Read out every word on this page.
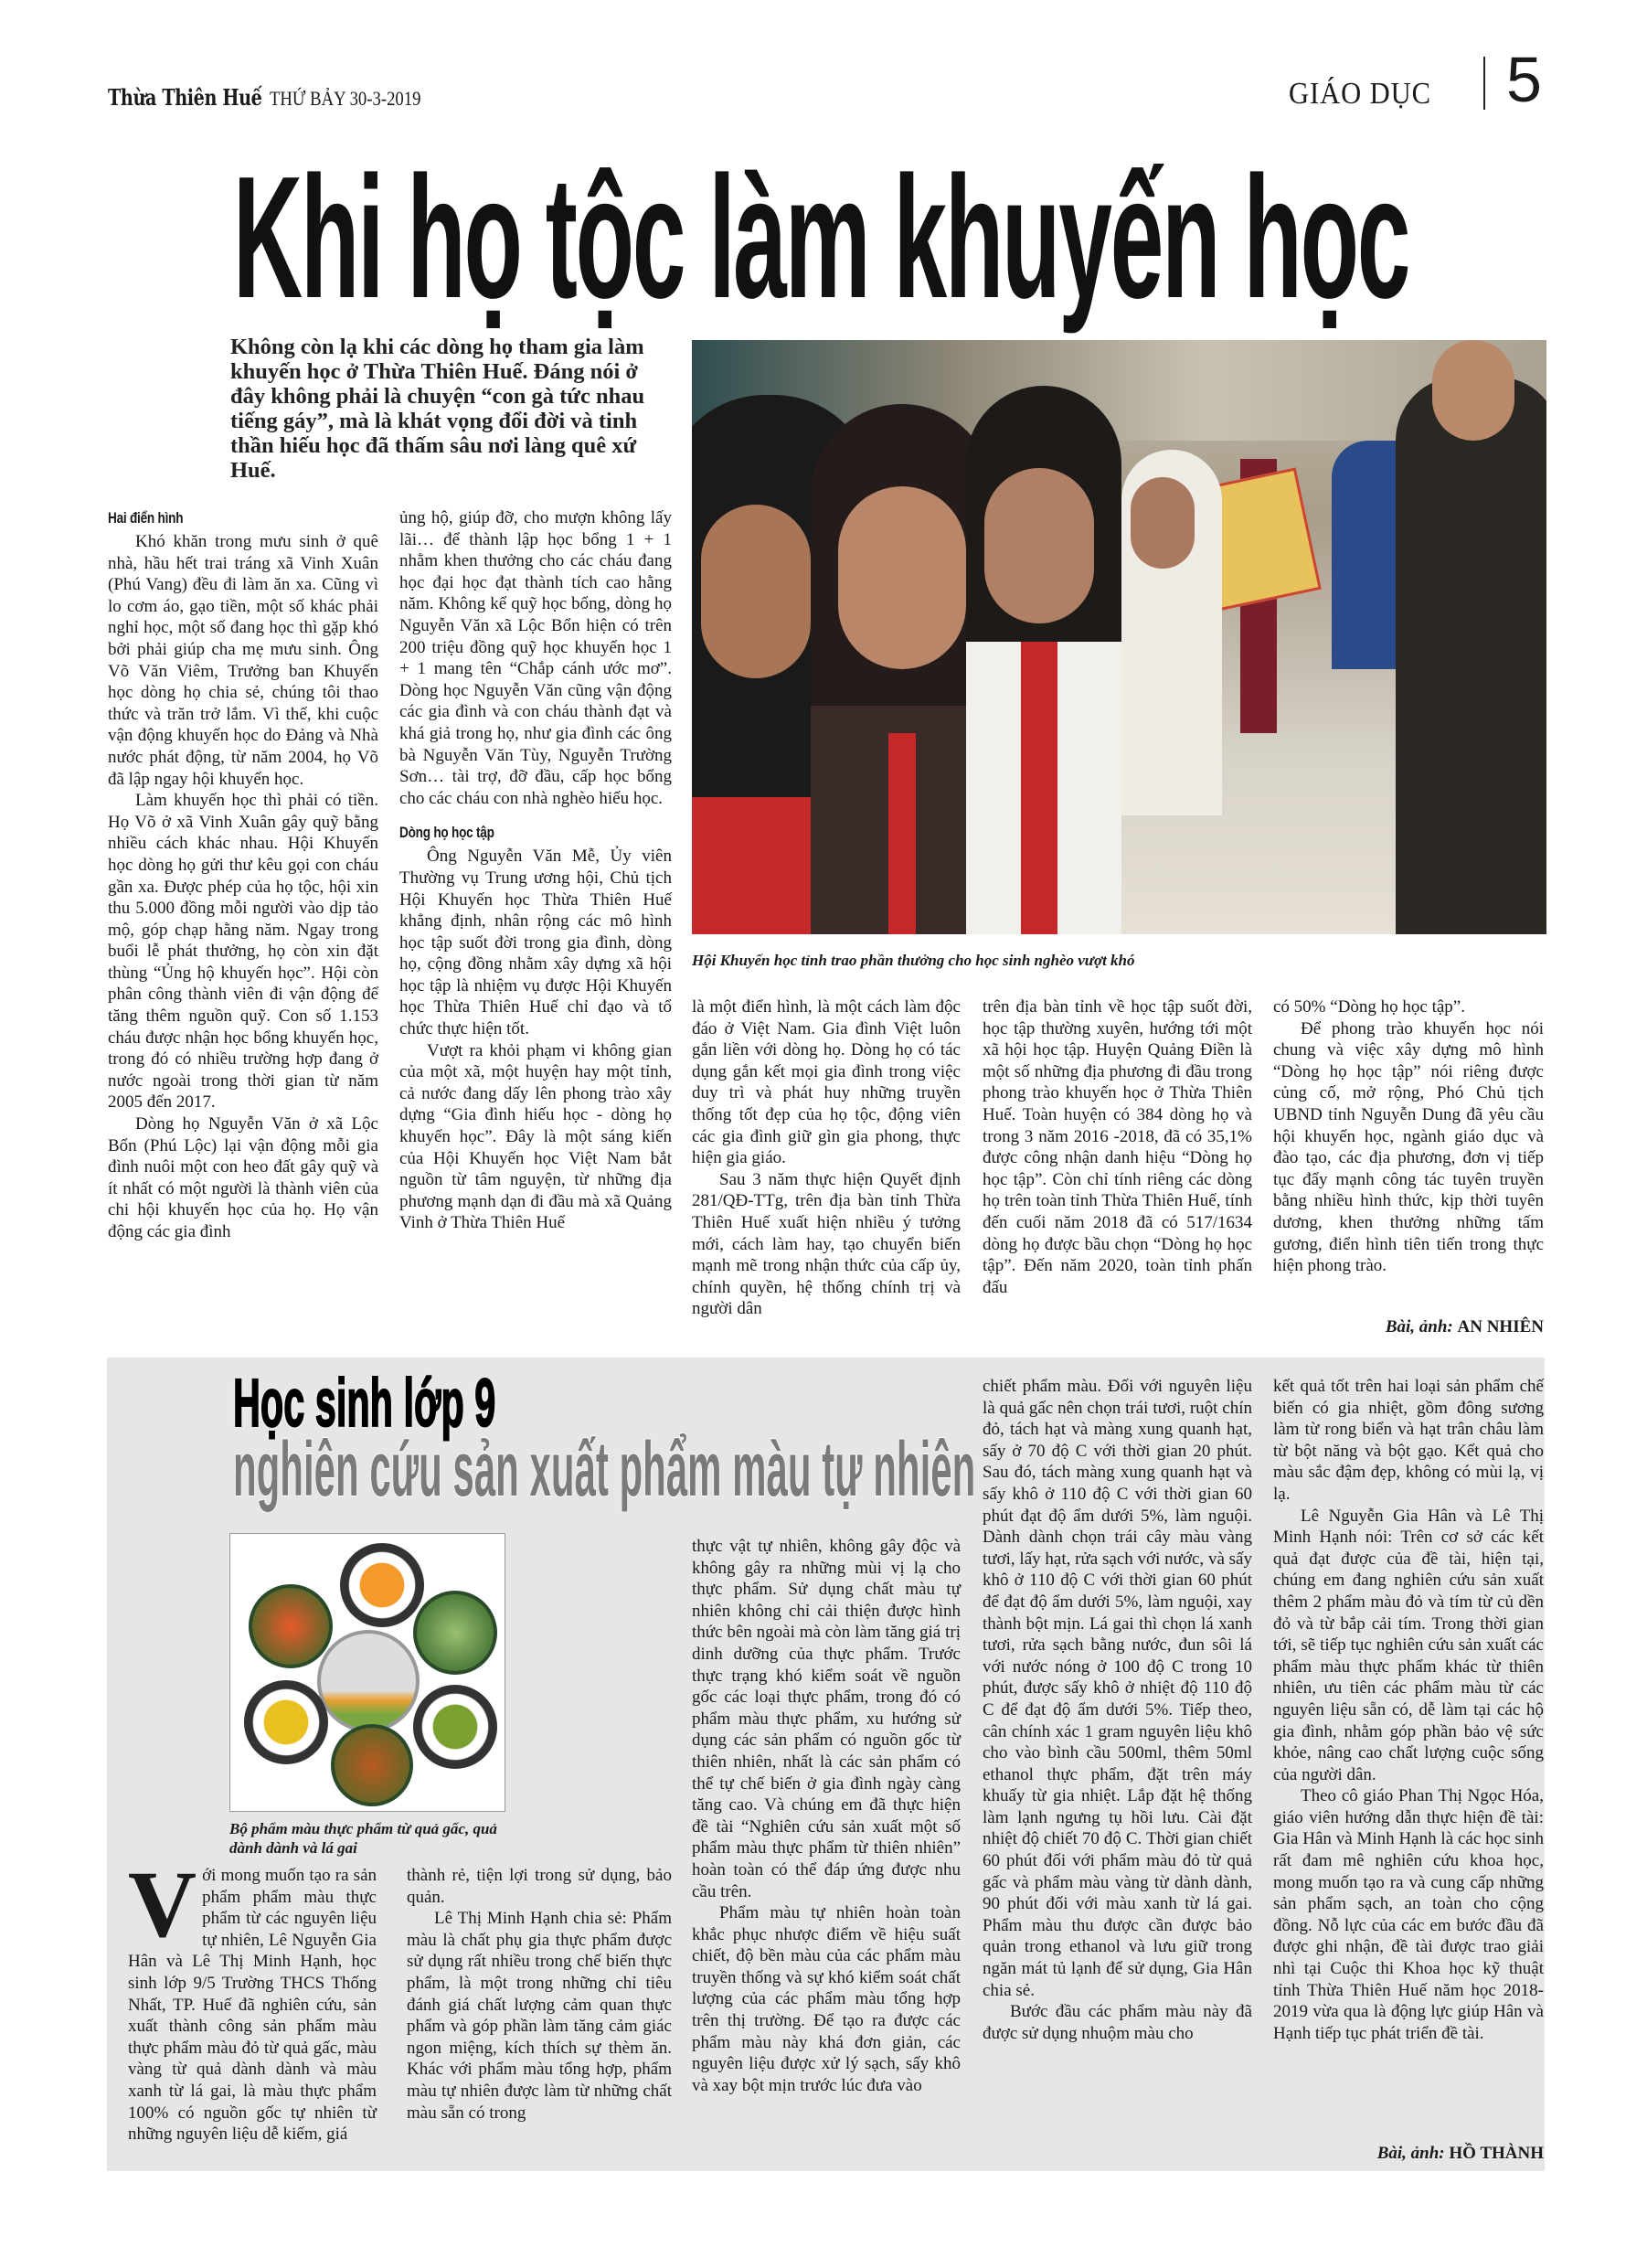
Thừa Thiên Huế THỨ BẢY 30-3-2019	GIÁO DỤC 5
Khi họ tộc làm khuyến học
Không còn lạ khi các dòng họ tham gia làm khuyến học ở Thừa Thiên Huế. Đáng nói ở đây không phải là chuyện “con gà tức nhau tiếng gáy”, mà là khát vọng đổi đời và tinh thần hiếu học đã thấm sâu nơi làng quê xứ Huế.
Hội Khuyến học tỉnh trao phần thưởng cho học sinh nghèo vượt khó
Hai điển hình

Khó khăn trong mưu sinh ở quê nhà, hầu hết trai tráng xã Vinh Xuân (Phú Vang) đều đi làm ăn xa. Cũng vì lo cơm áo, gạo tiền, một số khác phải nghỉ học, một số đang học thì gặp khó bởi phải giúp cha mẹ mưu sinh. Ông Võ Văn Viêm, Trưởng ban Khuyến học dòng họ chia sẻ, chúng tôi thao thức và trăn trở lắm. Vì thế, khi cuộc vận động khuyến học do Đảng và Nhà nước phát động, từ năm 2004, họ Võ đã lập ngay hội khuyến học.

Làm khuyến học thì phải có tiền. Họ Võ ở xã Vinh Xuân gây quỹ bằng nhiều cách khác nhau. Hội Khuyến học dòng họ gửi thư kêu gọi con cháu gần xa. Được phép của họ tộc, hội xin thu 5.000 đồng mỗi người vào dịp tảo mộ, góp chạp hằng năm. Ngay trong buổi lễ phát thưởng, họ còn xin đặt thùng “Ủng hộ khuyến học”. Hội còn phân công thành viên đi vận động để tăng thêm nguồn quỹ. Con số 1.153 cháu được nhận học bổng khuyến học, trong đó có nhiều trường hợp đang ở nước ngoài trong thời gian từ năm 2005 đến 2017.

Dòng họ Nguyễn Văn ở xã Lộc Bổn (Phú Lộc) lại vận động mỗi gia đình nuôi một con heo đất gây quỹ và ít nhất có một người là thành viên của chi hội khuyến học của họ. Họ vận động các gia đình

ủng hộ, giúp đỡ, cho mượn không lấy lãi… để thành lập học bổng 1 + 1 nhằm khen thưởng cho các cháu đang học đại học đạt thành tích cao hằng năm. Không kể quỹ học bổng, dòng họ Nguyễn Văn xã Lộc Bổn hiện có trên 200 triệu đồng quỹ học khuyến học 1 + 1 mang tên “Chắp cánh ước mơ”. Dòng học Nguyễn Văn cũng vận động các gia đình và con cháu thành đạt và khá giả trong họ, như gia đình các ông bà Nguyễn Văn Tùy, Nguyễn Trường Sơn… tài trợ, đỡ đầu, cấp học bổng cho các cháu con nhà nghèo hiếu học.

Dòng họ học tập

Ông Nguyễn Văn Mễ, Ủy viên Thường vụ Trung ương hội, Chủ tịch Hội Khuyến học Thừa Thiên Huế khẳng định, nhân rộng các mô hình học tập suốt đời trong gia đình, dòng họ, cộng đồng nhằm xây dựng xã hội học tập là nhiệm vụ được Hội Khuyến học Thừa Thiên Huế chỉ đạo và tổ chức thực hiện tốt.

Vượt ra khỏi phạm vi không gian của một xã, một huyện hay một tỉnh, cả nước đang dấy lên phong trào xây dựng “Gia đình hiếu học - dòng họ khuyến học”. Đây là một sáng kiến của Hội Khuyến học Việt Nam bắt nguồn từ tâm nguyện, từ những địa phương mạnh dạn đi đầu mà xã Quảng Vinh ở Thừa Thiên Huế

là một điển hình, là một cách làm độc đáo ở Việt Nam. Gia đình Việt luôn gắn liền với dòng họ. Dòng họ có tác dụng gắn kết mọi gia đình trong việc duy trì và phát huy những truyền thống tốt đẹp của họ tộc, động viên các gia đình giữ gìn gia phong, thực hiện gia giáo.

Sau 3 năm thực hiện Quyết định 281/QĐ-TTg, trên địa bàn tỉnh Thừa Thiên Huế xuất hiện nhiều ý tưởng mới, cách làm hay, tạo chuyển biến mạnh mẽ trong nhận thức của cấp ủy, chính quyền, hệ thống chính trị và người dân

trên địa bàn tỉnh về học tập suốt đời, học tập thường xuyên, hướng tới một xã hội học tập. Huyện Quảng Điền là một số những địa phương đi đầu trong phong trào khuyến học ở Thừa Thiên Huế. Toàn huyện có 384 dòng họ và trong 3 năm 2016 -2018, đã có 35,1% được công nhận danh hiệu “Dòng họ học tập”. Còn chỉ tính riêng các dòng họ trên toàn tỉnh Thừa Thiên Huế, tính đến cuối năm 2018 đã có 517/1634 dòng họ được bầu chọn “Dòng họ học tập”. Đến năm 2020, toàn tỉnh phấn đấu

có 50% “Dòng họ học tập”.

Để phong trào khuyến học nói chung và việc xây dựng mô hình “Dòng họ học tập” nói riêng được củng cố, mở rộng, Phó Chủ tịch UBND tỉnh Nguyễn Dung đã yêu cầu hội khuyến học, ngành giáo dục và đào tạo, các địa phương, đơn vị tiếp tục đẩy mạnh công tác tuyên truyền bằng nhiều hình thức, kịp thời tuyên dương, khen thưởng những tấm gương, điển hình tiên tiến trong thực hiện phong trào.

Bài, ảnh: AN NHIÊN
Học sinh lớp 9
nghiên cứu sản xuất phẩm màu tự nhiên
Bộ phẩm màu thực phẩm từ quả gấc, quả dành dành và lá gai

Với mong muốn tạo ra sản phẩm phẩm màu thực phẩm từ các nguyên liệu tự nhiên, Lê Nguyễn Gia Hân và Lê Thị Minh Hạnh, học sinh lớp 9/5 Trường THCS Thống Nhất, TP. Huế đã nghiên cứu, sản xuất thành công sản phẩm màu thực phẩm màu đỏ từ quả gấc, màu vàng từ quả dành dành và màu xanh từ lá gai, là màu thực phẩm 100% có nguồn gốc tự nhiên từ những nguyên liệu dễ kiếm, giá

thành rẻ, tiện lợi trong sử dụng, bảo quản.

Lê Thị Minh Hạnh chia sẻ: Phẩm màu là chất phụ gia thực phẩm được sử dụng rất nhiều trong chế biến thực phẩm, là một trong những chỉ tiêu đánh giá chất lượng cảm quan thực phẩm và góp phần làm tăng cảm giác ngon miệng, kích thích sự thèm ăn. Khác với phẩm màu tổng hợp, phẩm màu tự nhiên được làm từ những chất màu sẵn có trong

thực vật tự nhiên, không gây độc và không gây ra những mùi vị lạ cho thực phẩm. Sử dụng chất màu tự nhiên không chỉ cải thiện được hình thức bên ngoài mà còn làm tăng giá trị dinh dưỡng của thực phẩm. Trước thực trạng khó kiểm soát về nguồn gốc các loại thực phẩm, trong đó có phẩm màu thực phẩm, xu hướng sử dụng các sản phẩm có nguồn gốc từ thiên nhiên, nhất là các sản phẩm có thể tự chế biến ở gia đình ngày càng tăng cao. Và chúng em đã thực hiện đề tài “Nghiên cứu sản xuất một số phẩm màu thực phẩm từ thiên nhiên” hoàn toàn có thể đáp ứng được nhu cầu trên.

Phẩm màu tự nhiên hoàn toàn khắc phục nhược điểm về hiệu suất chiết, độ bền màu của các phẩm màu truyền thống và sự khó kiểm soát chất lượng của các phẩm màu tổng hợp trên thị trường. Để tạo ra được các phẩm màu này khá đơn giản, các nguyên liệu được xử lý sạch, sấy khô và xay bột mịn trước lúc đưa vào

chiết phẩm màu. Đối với nguyên liệu là quả gấc nên chọn trái tươi, ruột chín đỏ, tách hạt và màng xung quanh hạt, sấy ở 70 độ C với thời gian 20 phút. Sau đó, tách màng xung quanh hạt và sấy khô ở 110 độ C với thời gian 60 phút đạt độ ẩm dưới 5%, làm nguội. Dành dành chọn trái cây màu vàng tươi, lấy hạt, rửa sạch với nước, và sấy khô ở 110 độ C với thời gian 60 phút để đạt độ ẩm dưới 5%, làm nguội, xay thành bột mịn. Lá gai thì chọn lá xanh tươi, rửa sạch bằng nước, đun sôi lá với nước nóng ở 100 độ C trong 10 phút, được sấy khô ở nhiệt độ 110 độ C để đạt độ ẩm dưới 5%. Tiếp theo, cân chính xác 1 gram nguyên liệu khô cho vào bình cầu 500ml, thêm 50ml ethanol thực phẩm, đặt trên máy khuấy từ gia nhiệt. Lắp đặt hệ thống làm lạnh ngưng tụ hồi lưu. Cài đặt nhiệt độ chiết 70 độ C. Thời gian chiết 60 phút đối với phẩm màu đỏ từ quả gấc và phẩm màu vàng từ dành dành, 90 phút đối với màu xanh từ lá gai. Phẩm màu thu được cần được bảo quản trong ethanol và lưu giữ trong ngăn mát tủ lạnh để sử dụng, Gia Hân chia sẻ.

Bước đầu các phẩm màu này đã được sử dụng nhuộm màu cho

kết quả tốt trên hai loại sản phẩm chế biến có gia nhiệt, gồm đông sương làm từ rong biển và hạt trân châu làm từ bột năng và bột gạo. Kết quả cho màu sắc đậm đẹp, không có mùi lạ, vị lạ.

Lê Nguyễn Gia Hân và Lê Thị Minh Hạnh nói: Trên cơ sở các kết quả đạt được của đề tài, hiện tại, chúng em đang nghiên cứu sản xuất thêm 2 phẩm màu đỏ và tím từ củ dền đỏ và từ bắp cải tím. Trong thời gian tới, sẽ tiếp tục nghiên cứu sản xuất các phẩm màu thực phẩm khác từ thiên nhiên, ưu tiên các phẩm màu từ các nguyên liệu sẵn có, dễ làm tại các hộ gia đình, nhằm góp phần bảo vệ sức khỏe, nâng cao chất lượng cuộc sống của người dân.

Theo cô giáo Phan Thị Ngọc Hóa, giáo viên hướng dẫn thực hiện đề tài: Gia Hân và Minh Hạnh là các học sinh rất đam mê nghiên cứu khoa học, mong muốn tạo ra và cung cấp những sản phẩm sạch, an toàn cho cộng đồng. Nỗ lực của các em bước đầu đã được ghi nhận, đề tài được trao giải nhì tại Cuộc thi Khoa học kỹ thuật tỉnh Thừa Thiên Huế năm học 2018-2019 vừa qua là động lực giúp Hân và Hạnh tiếp tục phát triển đề tài.

Bài, ảnh: HỒ THÀNH
